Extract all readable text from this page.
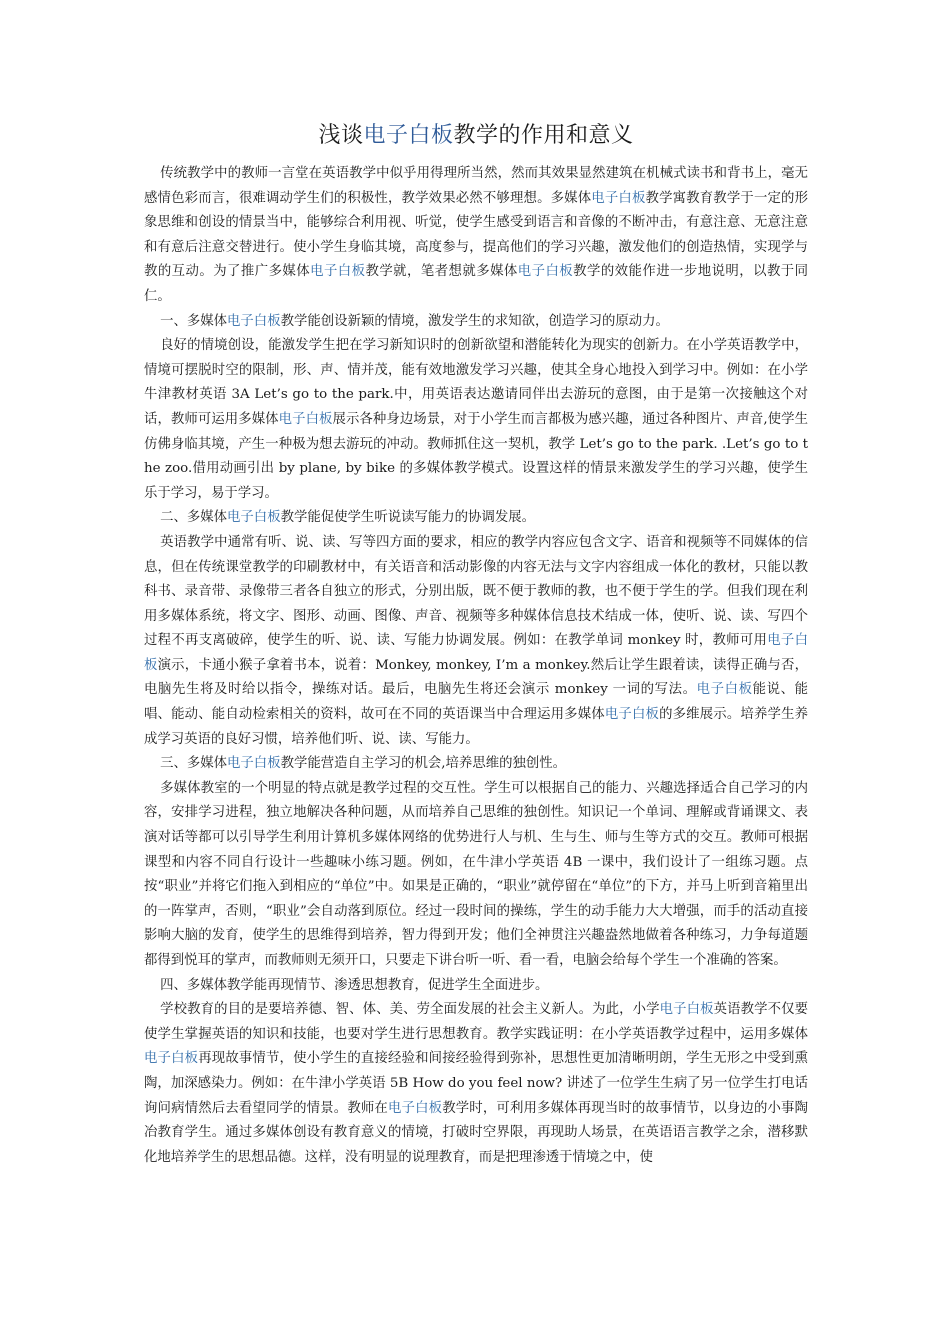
浅谈电子白板教学的作用和意义

传统教学中的教师一言堂在英语教学中似乎用得理所当然，然而其效果显然建筑在机械式读书和背书上，毫无感情色彩而言，很难调动学生们的积极性，教学效果必然不够理想。多媒体电子白板教学寓教育教学于一定的形象思维和创设的情景当中，能够综合利用视、听觉，使学生感受到语言和音像的不断冲击，有意注意、无意注意和有意后注意交替进行。使小学生身临其境，高度参与，提高他们的学习兴趣，激发他们的创造热情，实现学与教的互动。为了推广多媒体电子白板教学就，笔者想就多媒体电子白板教学的效能作进一步地说明，以教于同仁。

一、多媒体电子白板教学能创设新颖的情境，激发学生的求知欲，创造学习的原动力。

良好的情境创设，能激发学生把在学习新知识时的创新欲望和潜能转化为现实的创新力。在小学英语教学中，情境可摆脱时空的限制，形、声、情并茂，能有效地激发学习兴趣，使其全身心地投入到学习中。例如：在小学牛津教材英语 3A Let’s go to the park.中，用英语表达邀请同伴出去游玩的意图，由于是第一次接触这个对话，教师可运用多媒体电子白板展示各种身边场景，对于小学生而言都极为感兴趣，通过各种图片、声音,使学生仿佛身临其境，产生一种极为想去游玩的冲动。教师抓住这一契机，教学 Let’s go to the park. .Let’s go to the zoo.借用动画引出 by plane, by bike 的多媒体教学模式。设置这样的情景来激发学生的学习兴趣，使学生乐于学习，易于学习。

二、多媒体电子白板教学能促使学生听说读写能力的协调发展。

英语教学中通常有听、说、读、写等四方面的要求，相应的教学内容应包含文字、语音和视频等不同媒体的信息，但在传统课堂教学的印刷教材中，有关语音和活动影像的内容无法与文字内容组成一体化的教材，只能以教科书、录音带、录像带三者各自独立的形式，分别出版，既不便于教师的教，也不便于学生的学。但我们现在利用多媒体系统，将文字、图形、动画、图像、声音、视频等多种媒体信息技术结成一体，使听、说、读、写四个过程不再支离破碎，使学生的听、说、读、写能力协调发展。例如：在教学单词 monkey 时，教师可用电子白板演示，卡通小猴子拿着书本，说着：Monkey, monkey, I’m a monkey.然后让学生跟着读，读得正确与否，电脑先生将及时给以指令，操练对话。最后，电脑先生将还会演示 monkey 一词的写法。电子白板能说、能唱、能动、能自动检索相关的资料，故可在不同的英语课当中合理运用多媒体电子白板的多维展示。培养学生养成学习英语的良好习惯，培养他们听、说、读、写能力。

三、多媒体电子白板教学能营造自主学习的机会,培养思维的独创性。

多媒体教室的一个明显的特点就是教学过程的交互性。学生可以根据自己的能力、兴趣选择适合自己学习的内容，安排学习进程，独立地解决各种问题，从而培养自己思维的独创性。知识记一个单词、理解或背诵课文、表演对话等都可以引导学生利用计算机多媒体网络的优势进行人与机、生与生、师与生等方式的交互。教师可根据课型和内容不同自行设计一些趣味小练习题。例如，在牛津小学英语 4B 一课中，我们设计了一组练习题。点按“职业”并将它们拖入到相应的“单位”中。如果是正确的，“职业”就停留在“单位”的下方，并马上听到音箱里出的一阵掌声，否则，“职业”会自动落到原位。经过一段时间的操练，学生的动手能力大大增强，而手的活动直接影响大脑的发育，使学生的思维得到培养，智力得到开发；他们全神贯注兴趣盎然地做着各种练习，力争每道题都得到悦耳的掌声，而教师则无须开口，只要走下讲台听一听、看一看，电脑会给每个学生一个准确的答案。

四、多媒体教学能再现情节、渗透思想教育，促进学生全面进步。

学校教育的目的是要培养德、智、体、美、劳全面发展的社会主义新人。为此，小学电子白板英语教学不仅要使学生掌握英语的知识和技能，也要对学生进行思想教育。教学实践证明：在小学英语教学过程中，运用多媒体电子白板再现故事情节，使小学生的直接经验和间接经验得到弥补，思想性更加清晰明朗，学生无形之中受到熏陶，加深感染力。例如：在牛津小学英语 5B How do you feel now? 讲述了一位学生生病了另一位学生打电话询问病情然后去看望同学的情景。教师在电子白板教学时，可利用多媒体再现当时的故事情节，以身边的小事陶冶教育学生。通过多媒体创设有教育意义的情境，打破时空界限，再现助人场景，在英语语言教学之余，潜移默化地培养学生的思想品德。这样，没有明显的说理教育，而是把理渗透于情境之中，使
